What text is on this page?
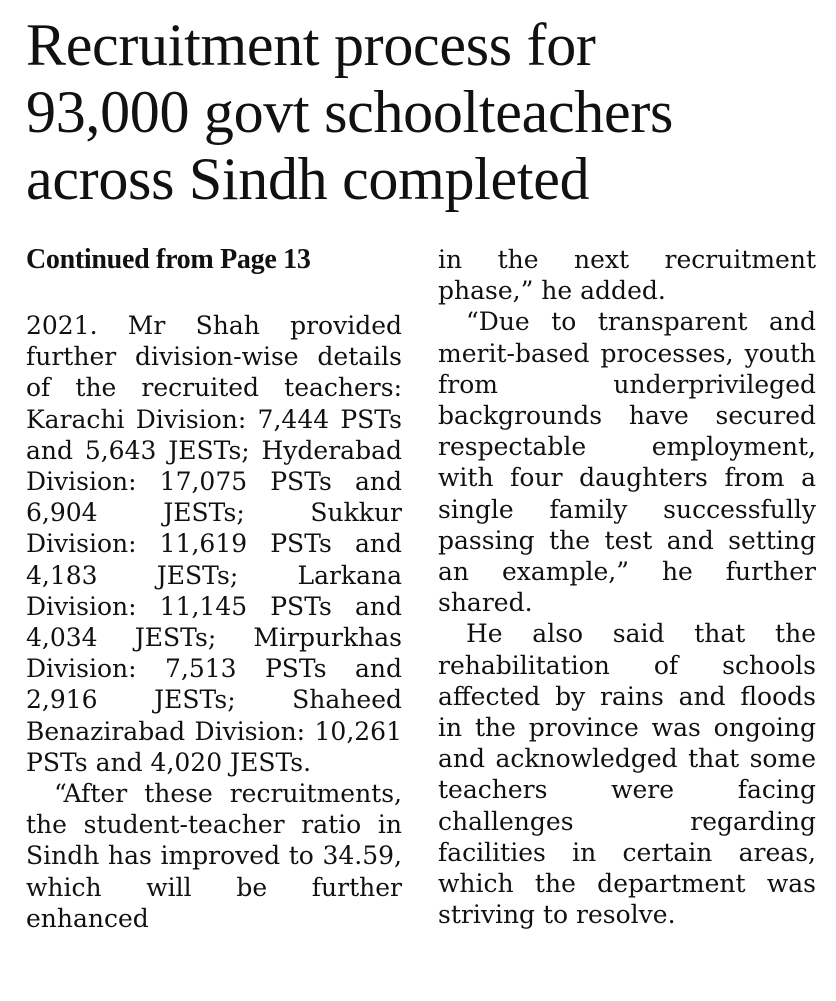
Recruitment process for
93,000 govt schoolteachers
across Sindh completed
Continued from Page 13

2021. Mr Shah provided further division-wise details of the recruited teachers: Karachi Division: 7,444 PSTs and 5,643 JESTs; Hyderabad Division: 17,075 PSTs and 6,904 JESTs; Sukkur Division: 11,619 PSTs and 4,183 JESTs; Larkana Division: 11,145 PSTs and 4,034 JESTs; Mirpurkhas Division: 7,513 PSTs and 2,916 JESTs; Shaheed Benazirabad Division: 10,261 PSTs and 4,020 JESTs.

“After these recruitments, the student-teacher ratio in Sindh has improved to 34.59, which will be further enhanced

in the next recruitment phase,” he added.

“Due to transparent and merit-based processes, youth from underprivileged backgrounds have secured respectable employment, with four daughters from a single family successfully passing the test and setting an example,” he further shared.

He also said that the rehabilitation of schools affected by rains and floods in the province was ongoing and acknowledged that some teachers were facing challenges regarding facilities in certain areas, which the department was striving to resolve.
